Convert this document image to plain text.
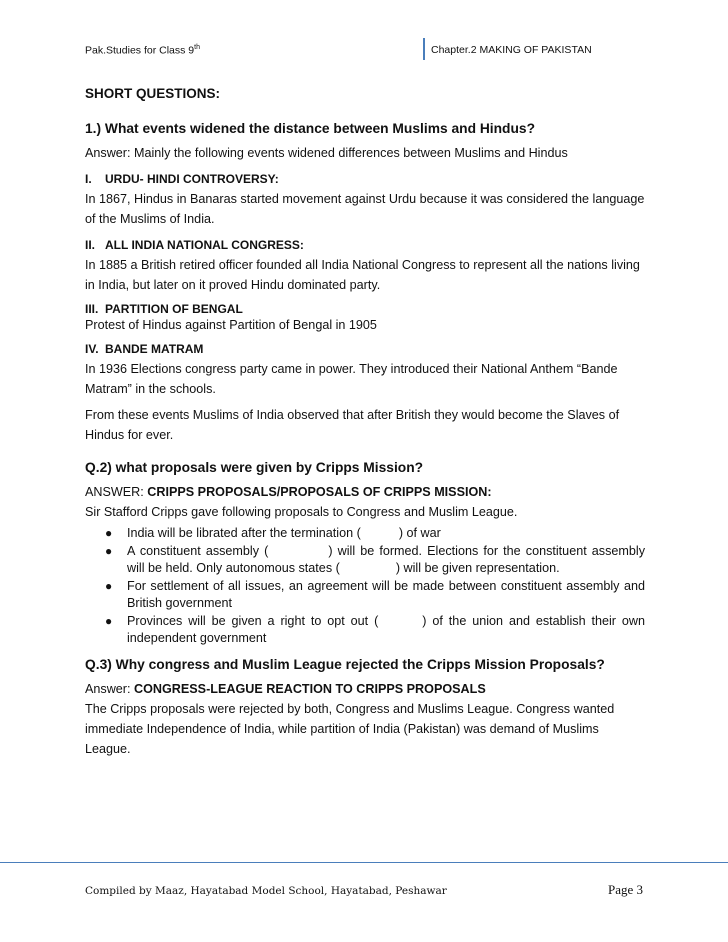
Pak.Studies for Class 9th	Chapter.2 MAKING OF PAKISTAN

SHORT QUESTIONS:

1.) What events widened the distance between Muslims and Hindus?

Answer: Mainly the following events widened differences between Muslims and Hindus

I. URDU- HINDI CONTROVERSY:

In 1867, Hindus in Banaras started movement against Urdu because it was considered the language of the Muslims of India.

II. ALL INDIA NATIONAL CONGRESS:

In 1885 a British retired officer founded all India National Congress to represent all the nations living in India, but later on it proved Hindu dominated party.

III. PARTITION OF BENGAL

Protest of Hindus against Partition of Bengal in 1905

IV. BANDE MATRAM

In 1936 Elections congress party came in power. They introduced their National Anthem “Bande Matram” in the schools.

From these events Muslims of India observed that after British they would become the Slaves of Hindus for ever.

Q.2) what proposals were given by Cripps Mission?

ANSWER: CRIPPS PROPOSALS/PROPOSALS OF CRIPPS MISSION:

Sir Stafford Cripps gave following proposals to Congress and Muslim League.

● India will be librated after the termination (	) of war
● A constituent assembly (	) will be formed. Elections for the constituent assembly will be held. Only autonomous states (	) will be given representation.
● For settlement of all issues, an agreement will be made between constituent assembly and British government
● Provinces will be given a right to opt out (	) of the union and establish their own independent government

Q.3) Why congress and Muslim League rejected the Cripps Mission Proposals?

Answer: CONGRESS-LEAGUE REACTION TO CRIPPS PROPOSALS

The Cripps proposals were rejected by both, Congress and Muslims League. Congress wanted immediate Independence of India, while partition of India (Pakistan) was demand of Muslims League.

Compiled by Maaz, Hayatabad Model School, Hayatabad, Peshawar	Page 3
